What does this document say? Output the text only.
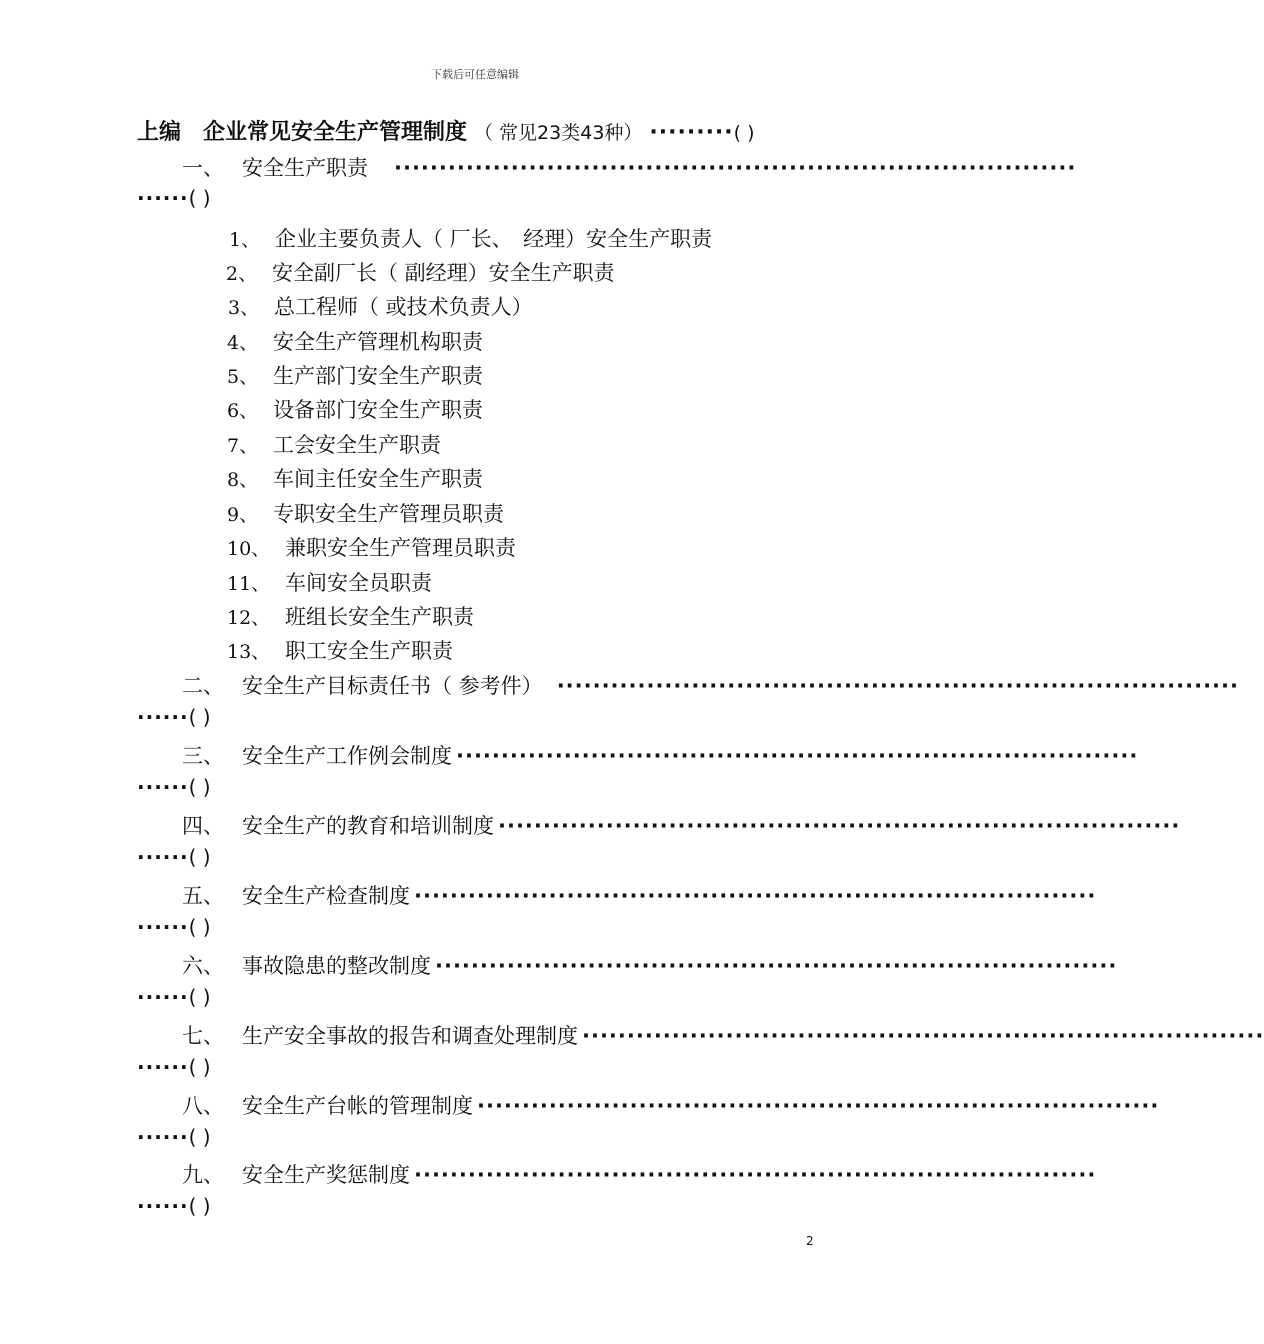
下载后可任意编辑
上编　企业常见安全生产管理制度 （ 常见23类43种） ·········( )
一、 安全生产职责 ············································································
······( )
1、 企业主要负责人（ 厂长、　经理）安全生产职责
2、 安全副厂长（ 副经理）安全生产职责
3、 总工程师（ 或技术负责人）
4、 安全生产管理机构职责
5、 生产部门安全生产职责
6、 设备部门安全生产职责
7、 工会安全生产职责
8、 车间主任安全生产职责
9、 专职安全生产管理员职责
10、 兼职安全生产管理员职责
11、 车间安全员职责
12、 班组长安全生产职责
13、 职工安全生产职责
二、 安全生产目标责任书（ 参考件） ············································································
······( )
三、 安全生产工作例会制度 ············································································
······( )
四、 安全生产的教育和培训制度 ············································································
······( )
五、 安全生产检查制度 ············································································
······( )
六、 事故隐患的整改制度 ············································································
······( )
七、 生产安全事故的报告和调查处理制度 ············································································
······( )
八、 安全生产台帐的管理制度 ············································································
······( )
九、 安全生产奖惩制度 ············································································
······( )
2
